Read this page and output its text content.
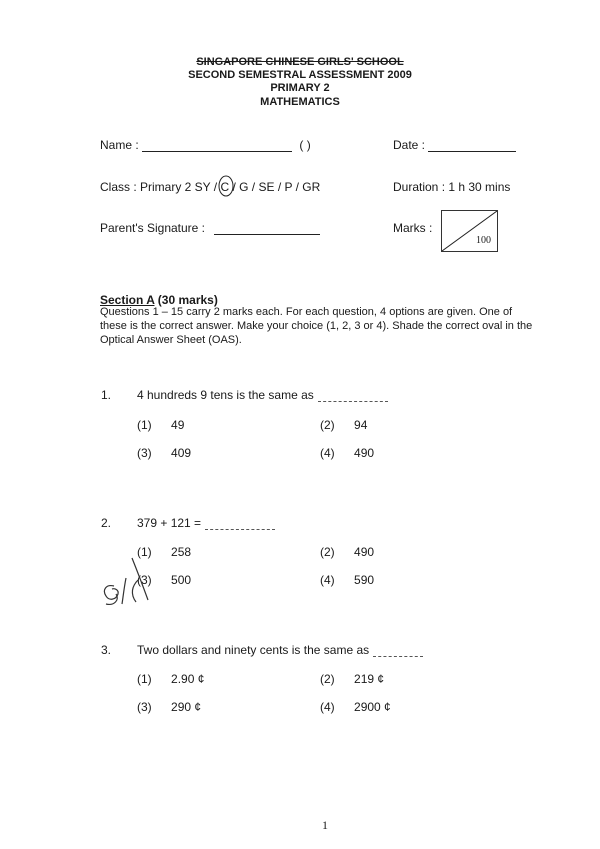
SINGAPORE CHINESE GIRLS' SCHOOL
SECOND SEMESTRAL ASSESSMENT 2009
PRIMARY 2
MATHEMATICS
Name :	( )	Date :
Class : Primary 2 SY / C / G / SE / P / GR	Duration : 1 h 30 mins
Parent's Signature :	Marks :
100
Section A (30 marks)
Questions 1 – 15 carry 2 marks each. For each question, 4 options are given. One of these is the correct answer. Make your choice (1, 2, 3 or 4). Shade the correct oval in the Optical Answer Sheet (OAS).
1. 4 hundreds 9 tens is the same as
(1) 49	(2) 94
(3) 409	(4) 490
2. 379 + 121 =
(1) 258	(2) 490
(3) 500	(4) 590
3. Two dollars and ninety cents is the same as
(1) 2.90 ¢	(2) 219 ¢
(3) 290 ¢	(4) 2900 ¢
1
